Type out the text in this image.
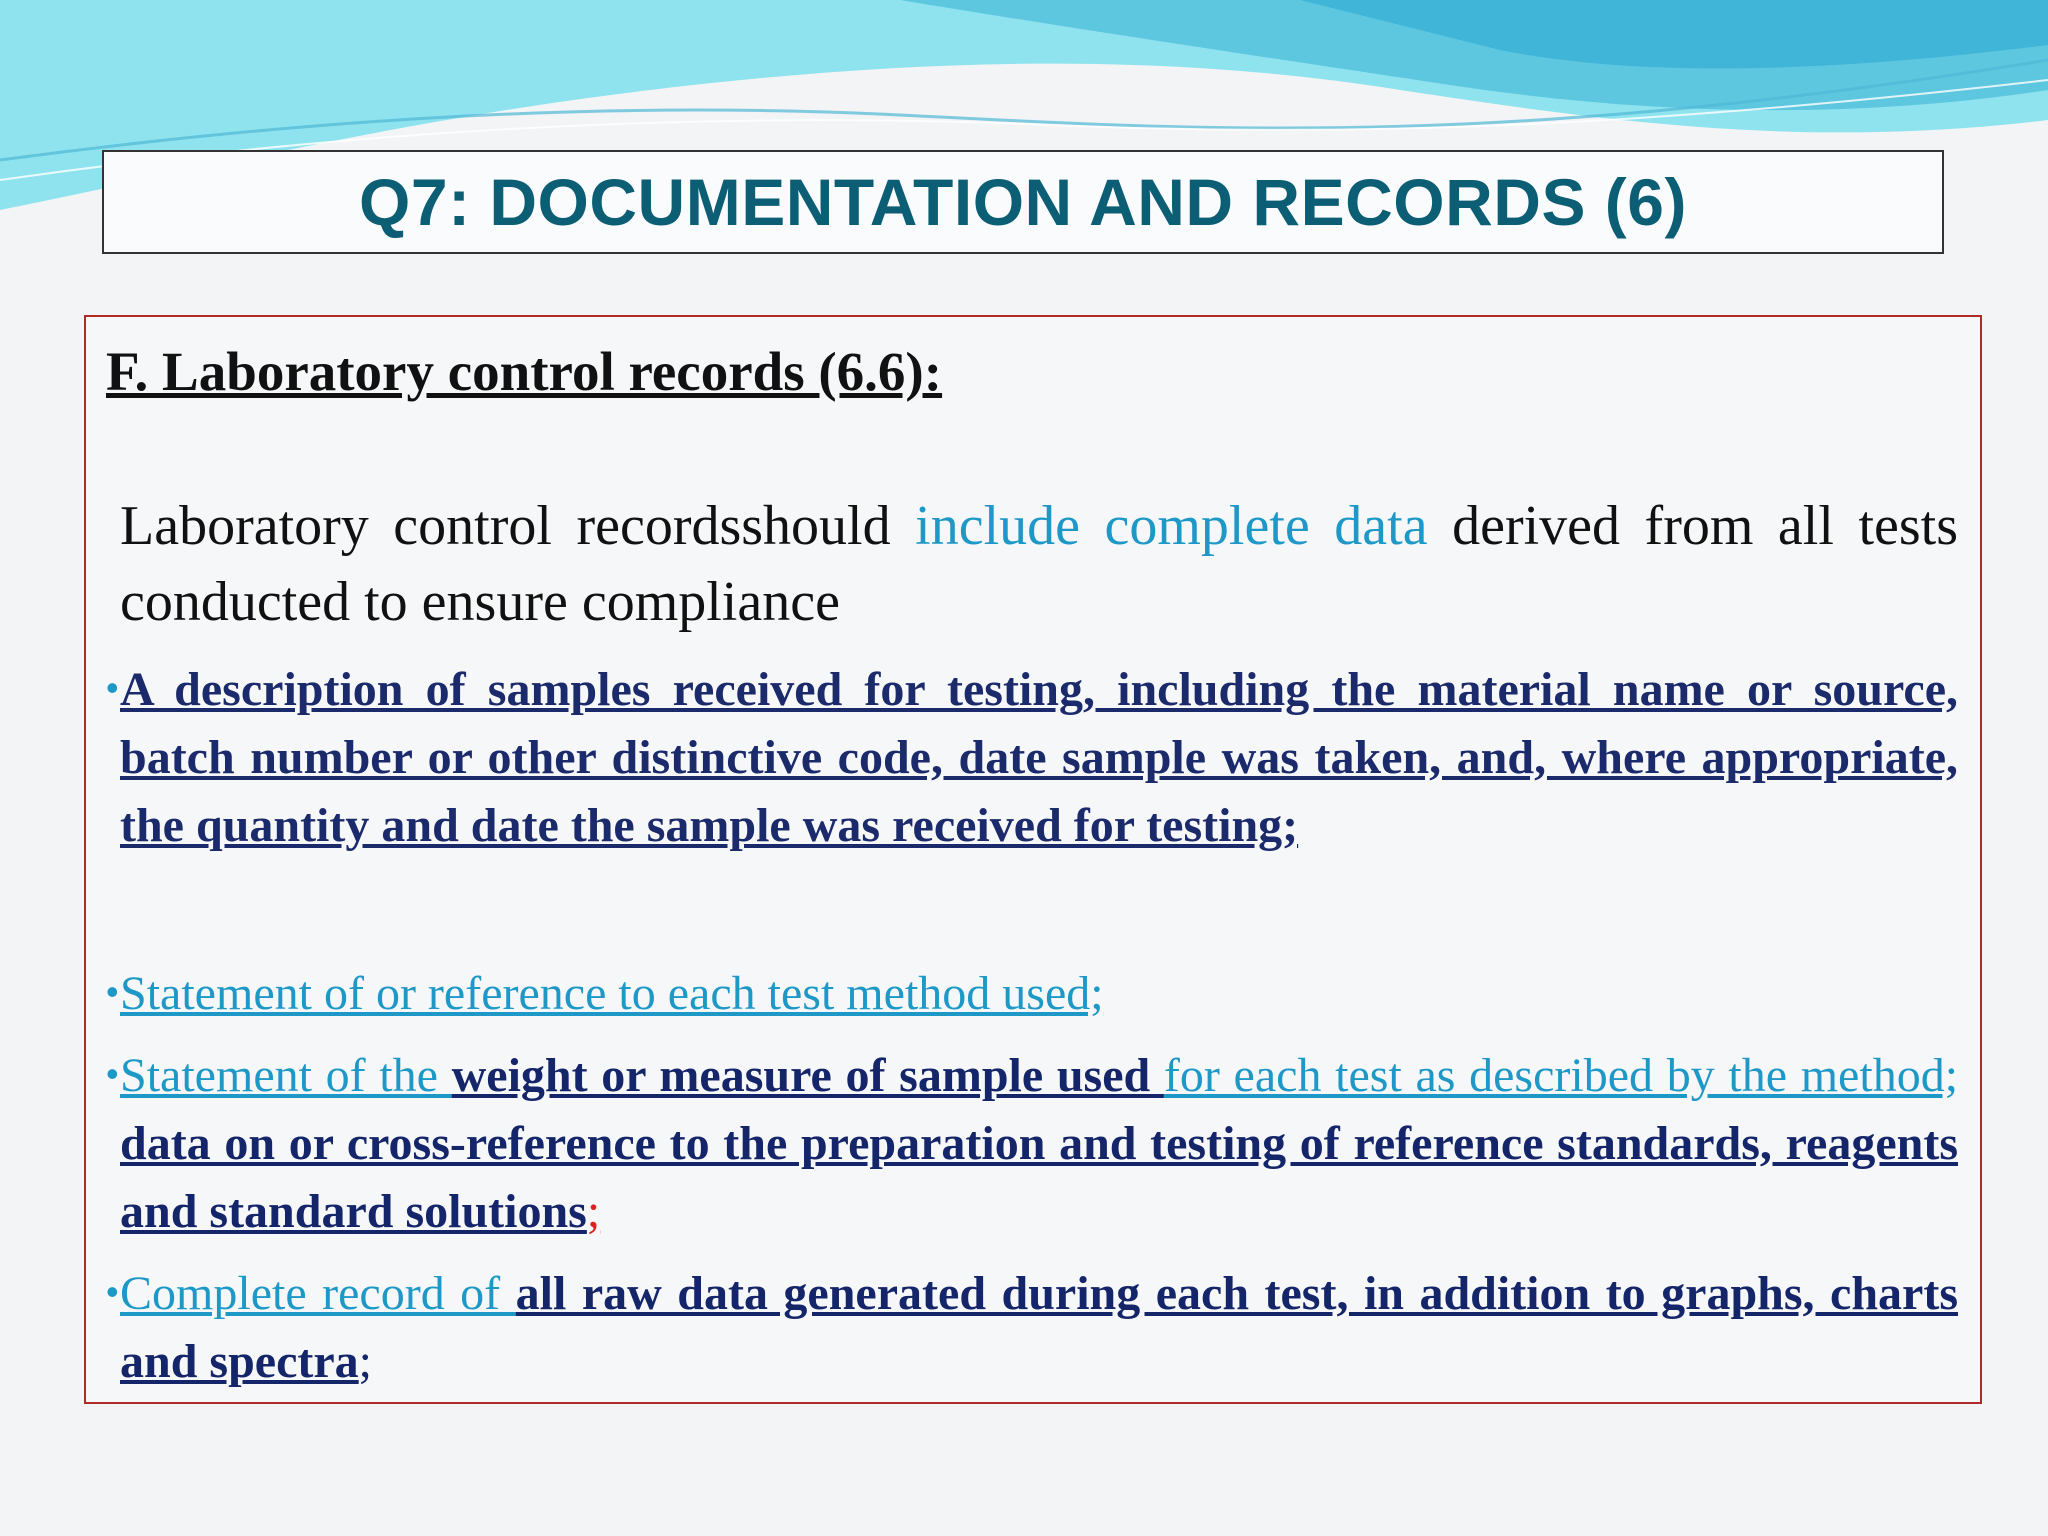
Q7: DOCUMENTATION AND RECORDS (6)
F. Laboratory control records (6.6):
Laboratory control recordsshould include complete data derived from all tests conducted to ensure compliance
• A description of samples received for testing, including the material name or source, batch number or other distinctive code, date sample was taken, and, where appropriate, the quantity and date the sample was received for testing;
• Statement of or reference to each test method used;
• Statement of the weight or measure of sample used for each test as described by the method; data on or cross-reference to the preparation and testing of reference standards, reagents and standard solutions;
• Complete record of all raw data generated during each test, in addition to graphs, charts and spectra;
